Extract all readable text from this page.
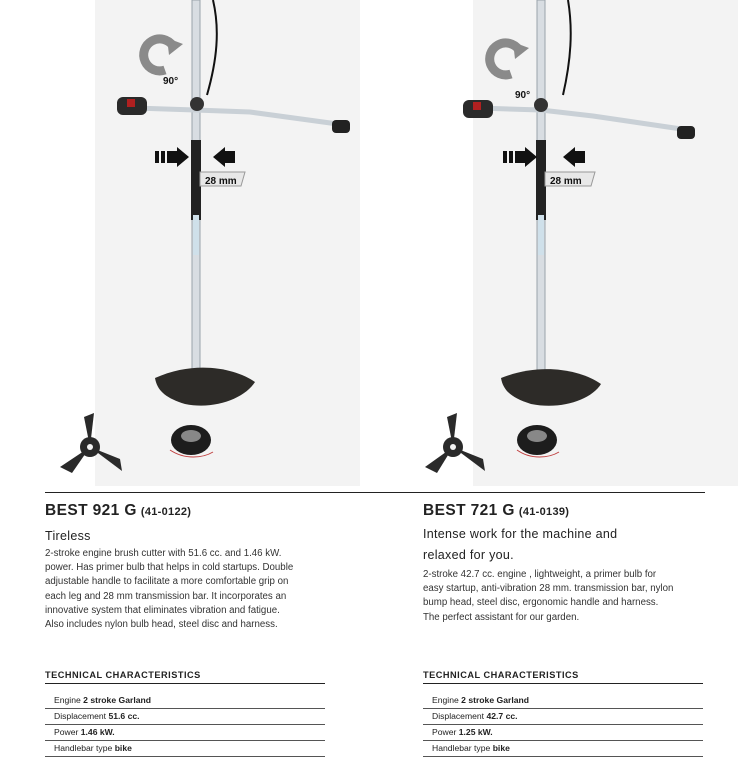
90°
28 mm
BEST 921 G (41-0122)
Tireless
2-stroke engine brush cutter with 51.6 cc. and 1.46 kW.
power. Has primer bulb that helps in cold startups. Double
adjustable handle to facilitate a more comfortable grip on
each leg and 28 mm transmission bar. It incorporates an
innovative system that eliminates vibration and fatigue.
Also includes nylon bulb head, steel disc and harness.
TECHNICAL CHARACTERISTICS
Engine 2 stroke Garland
Displacement 51.6 cc.
Power 1.46 kW.
Handlebar type bike
90°
28 mm
BEST 721 G (41-0139)
Intense work for the machine and
relaxed for you.
2-stroke 42.7 cc. engine , lightweight, a primer bulb for
easy startup, anti-vibration 28 mm. transmission bar, nylon
bump head, steel disc, ergonomic handle and harness.
The perfect assistant for our garden.
TECHNICAL CHARACTERISTICS
Engine 2 stroke Garland
Displacement 42.7 cc.
Power 1.25 kW.
Handlebar type bike
